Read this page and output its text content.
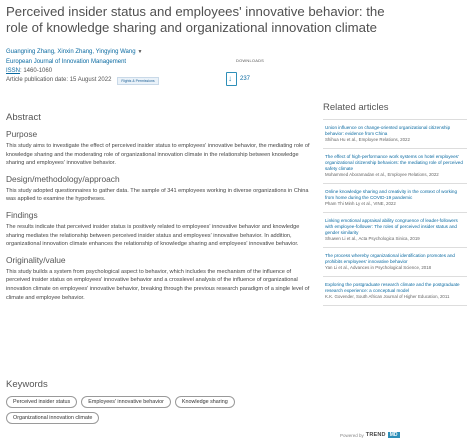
Perceived insider status and employees' innovative behavior: the role of knowledge sharing and organizational innovation climate
Guangning Zhang, Xinxin Zhang, Yingying Wang ▼
European Journal of Innovation Management
ISSN: 1460-1060
Article publication date: 15 August 2022	Rights & Permissions
DOWNLOADS
↓
237
Abstract
Purpose

This study aims to investigate the effect of perceived insider status to employees' innovative behavior, the mediating role of knowledge sharing and the moderating role of organizational innovation climate in the relationship between knowledge sharing and employees' innovative behavior.

Design/methodology/approach

This study adopted questionnaires to gather data. The sample of 341 employees working in diverse organizations in China was applied to examine the hypotheses.

Findings

The results indicate that perceived insider status is positively related to employees' innovative behavior and knowledge sharing mediates the relationship between perceived insider status and employees' innovative behavior. In addition, organizational innovation climate enhances the relationship of knowledge sharing and employees' innovative behavior.

Originality/value

This study builds a system from psychological aspect to behavior, which includes the mechanism of the influence of perceived insider status on employees' innovative behavior and a crosslevel analysis of the influence of organizational innovation climate on employees' innovative behavior, breaking through the previous research paradigm of a single level of climate and employee behavior.

Keywords
Perceived insider status	Employees' innovative behavior	Knowledge sharing
Organizational innovation climate
Related articles
Union influence on change-oriented organizational citizenship behavior: evidence from China
Shihua Hu et al., Employee Relations, 2022
The effect of high-performance work systems on hotel employees' organizational citizenship behaviors: the mediating role of perceived safety climate
Mohammed Aboramadan et al., Employee Relations, 2022
Online knowledge sharing and creativity in the context of working from home during the COVID-19 pandemic
Pham Thi Minh Ly et al., VINE, 2022
Linking emotional appraisal ability congruence of leader-followers with employee-follower: The roles of perceived insider status and gender similarity
Shuwen Li et al., Acta Psychologica Sinica, 2019
The process whereby organizational identification promotes and prohibits employees' innovative behavior
Yan Li et al., Advances in Psychological Science, 2018
Exploring the postgraduate research climate and the postgraduate research experience: a conceptual model
K.K. Govender, South African Journal of Higher Education, 2011
Powered by TREND MD
